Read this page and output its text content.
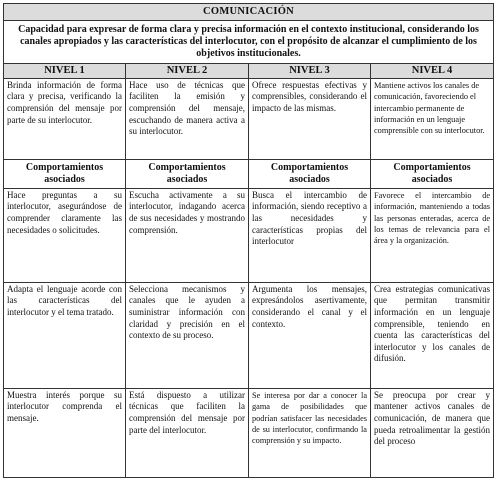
COMUNICACIÓN			
Capacidad para expresar de forma clara y precisa información en el contexto institucional, considerando los canales apropiados y las características del interlocutor, con el propósito de alcanzar el cumplimiento de los objetivos institucionales.			
NIVEL 1	NIVEL 2	NIVEL 3	NIVEL 4
Brinda información de forma clara y precisa, verificando la comprensión del mensaje por parte de su interlocutor.	Hace uso de técnicas que faciliten la emisión y comprensión del mensaje, escuchando de manera activa a su interlocutor.	Ofrece respuestas efectivas y comprensibles, considerando el impacto de las mismas.	Mantiene activos los canales de comunicación, favoreciendo el intercambio permanente de información en un lenguaje comprensible con su interlocutor.
Comportamientos asociados	Comportamientos asociados	Comportamientos asociados	Comportamientos asociados
Hace preguntas a su interlocutor, asegurándose de comprender claramente las necesidades o solicitudes.	Escucha activamente a su interlocutor, indagando acerca de sus necesidades y mostrando comprensión.	Busca el intercambio de información, siendo receptivo a las necesidades y características propias del interlocutor	Favorece el intercambio de información, manteniendo a todas las personas enteradas, acerca de los temas de relevancia para el área y la organización.
Adapta el lenguaje acorde con las características del interlocutor y el tema tratado.	Selecciona mecanismos y canales que le ayuden a suministrar información con claridad y precisión en el contexto de su proceso.	Argumenta los mensajes, expresándolos asertivamente, considerando el canal y el contexto.	Crea estrategias comunicativas que permitan transmitir información en un lenguaje comprensible, teniendo en cuenta las características del interlocutor y los canales de difusión.
Muestra interés porque su interlocutor comprenda el mensaje.	Está dispuesto a utilizar técnicas que faciliten la comprensión del mensaje por parte del interlocutor.	Se interesa por dar a conocer la gama de posibilidades que podrían satisfacer las necesidades de su interlocutor, confirmando la comprensión y su impacto.	Se preocupa por crear y mantener activos canales de comunicación, de manera que pueda retroalimentar la gestión del proceso
